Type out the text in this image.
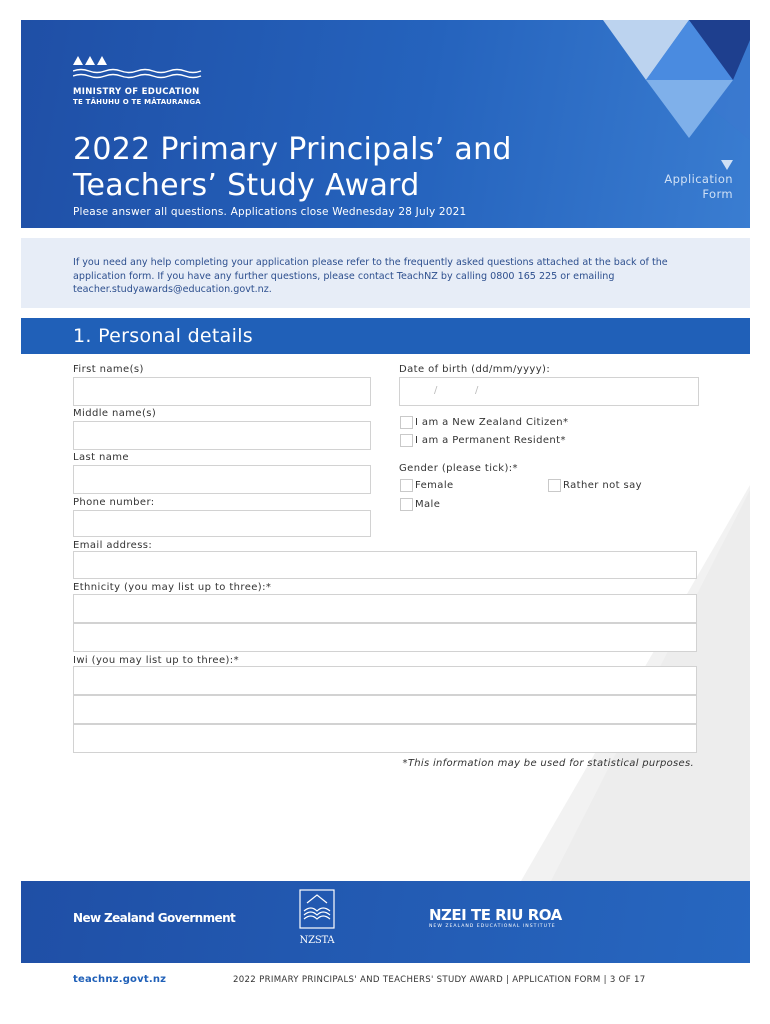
MINISTRY OF EDUCATION
TE TĀHUHU O TE MĀTAURANGA
2022 Primary Principals’ and
Teachers’ Study Award
Please answer all questions. Applications close Wednesday 28 July 2021
Application
Form
If you need any help completing your application please refer to the frequently asked questions attached at the back of the application form. If you have any further questions, please contact TeachNZ by calling 0800 165 225 or emailing teacher.studyawards@education.govt.nz.
1. Personal details
First name(s)
Middle name(s)
Last name
Phone number:
Date of birth (dd/mm/yyyy):
/	/
I am a New Zealand Citizen*
I am a Permanent Resident*
Gender (please tick):*
Female	Rather not say
Male
Email address:
Ethnicity (you may list up to three):*
Iwi (you may list up to three):*
*This information may be used for statistical purposes.
New Zealand Government
NZSTA
NZEI TE RIU ROA
NEW ZEALAND EDUCATIONAL INSTITUTE
teachnz.govt.nz	2022 PRIMARY PRINCIPALS' AND TEACHERS' STUDY AWARD | APPLICATION FORM | 3 OF 17
